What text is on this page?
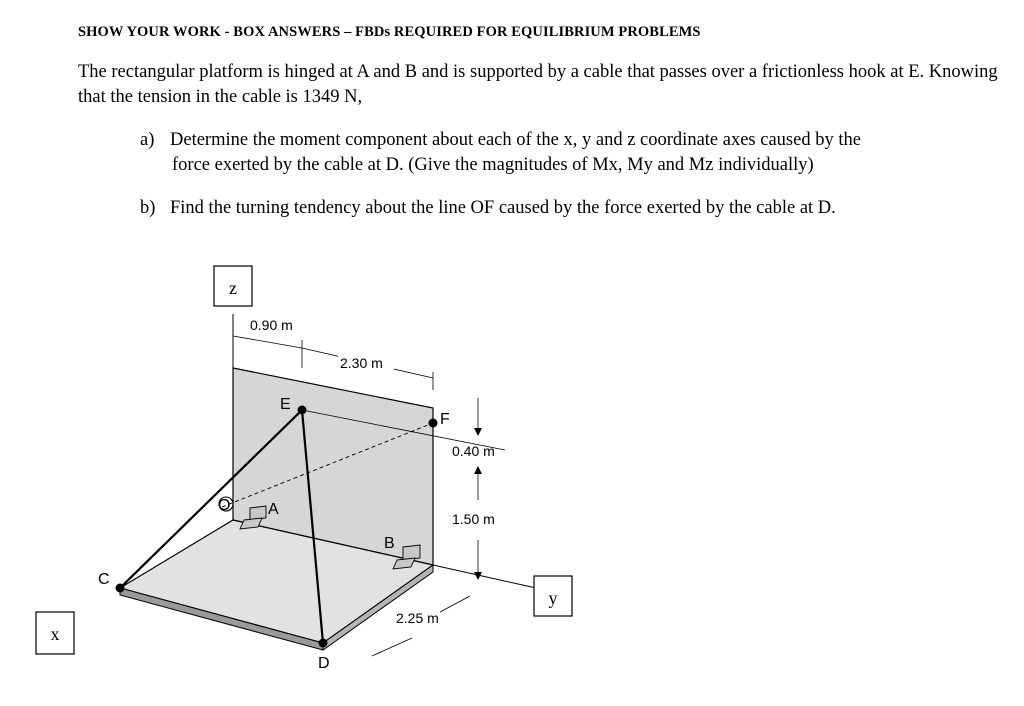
SHOW YOUR WORK - BOX ANSWERS – FBDs REQUIRED FOR EQUILIBRIUM PROBLEMS
The rectangular platform is hinged at A and B and is supported by a cable that passes over a frictionless hook at E. Knowing that the tension in the cable is 1349 N,
a) Determine the moment component about each of the x, y and z coordinate axes caused by the
force exerted by the cable at D. (Give the magnitudes of Mx, My and Mz individually)
b) Find the turning tendency about the line OF caused by the force exerted by the cable at D.
z
0.90 m
2.30 m
E
F
O A
B
C
D
0.40 m
1.50 m
y
2.25 m
x
